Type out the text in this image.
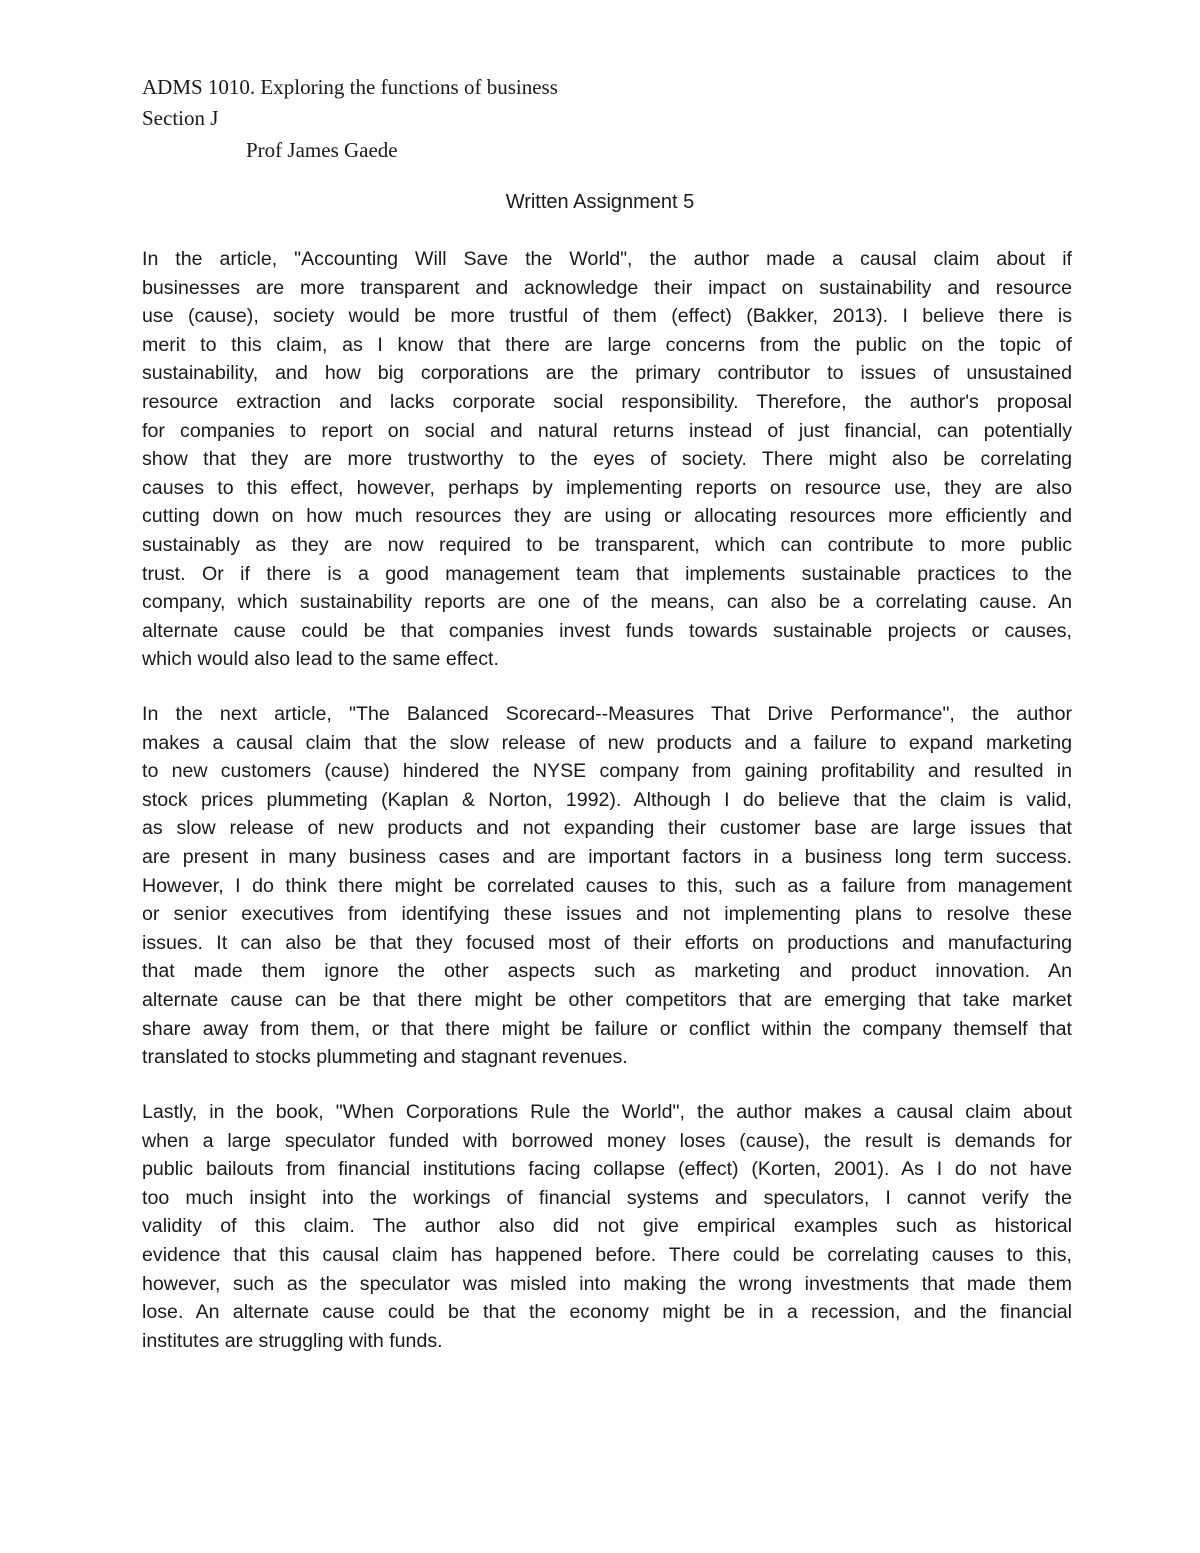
ADMS 1010. Exploring the functions of business
Section J
Prof James Gaede
Written Assignment 5
In the article, "Accounting Will Save the World", the author made a causal claim about if
businesses are more transparent and acknowledge their impact on sustainability and resource
use (cause), society would be more trustful of them (effect) (Bakker, 2013). I believe there is
merit to this claim, as I know that there are large concerns from the public on the topic of
sustainability, and how big corporations are the primary contributor to issues of unsustained
resource extraction and lacks corporate social responsibility. Therefore, the author's proposal
for companies to report on social and natural returns instead of just financial, can potentially
show that they are more trustworthy to the eyes of society. There might also be correlating
causes to this effect, however, perhaps by implementing reports on resource use, they are also
cutting down on how much resources they are using or allocating resources more efficiently and
sustainably as they are now required to be transparent, which can contribute to more public
trust. Or if there is a good management team that implements sustainable practices to the
company, which sustainability reports are one of the means, can also be a correlating cause. An
alternate cause could be that companies invest funds towards sustainable projects or causes,
which would also lead to the same effect.
In the next article, "The Balanced Scorecard--Measures That Drive Performance", the author
makes a causal claim that the slow release of new products and a failure to expand marketing
to new customers (cause) hindered the NYSE company from gaining profitability and resulted in
stock prices plummeting (Kaplan & Norton, 1992). Although I do believe that the claim is valid,
as slow release of new products and not expanding their customer base are large issues that
are present in many business cases and are important factors in a business long term success.
However, I do think there might be correlated causes to this, such as a failure from management
or senior executives from identifying these issues and not implementing plans to resolve these
issues. It can also be that they focused most of their efforts on productions and manufacturing
that made them ignore the other aspects such as marketing and product innovation. An
alternate cause can be that there might be other competitors that are emerging that take market
share away from them, or that there might be failure or conflict within the company themself that
translated to stocks plummeting and stagnant revenues.
Lastly, in the book, "When Corporations Rule the World", the author makes a causal claim about
when a large speculator funded with borrowed money loses (cause), the result is demands for
public bailouts from financial institutions facing collapse (effect) (Korten, 2001). As I do not have
too much insight into the workings of financial systems and speculators, I cannot verify the
validity of this claim. The author also did not give empirical examples such as historical
evidence that this causal claim has happened before. There could be correlating causes to this,
however, such as the speculator was misled into making the wrong investments that made them
lose. An alternate cause could be that the economy might be in a recession, and the financial
institutes are struggling with funds.
